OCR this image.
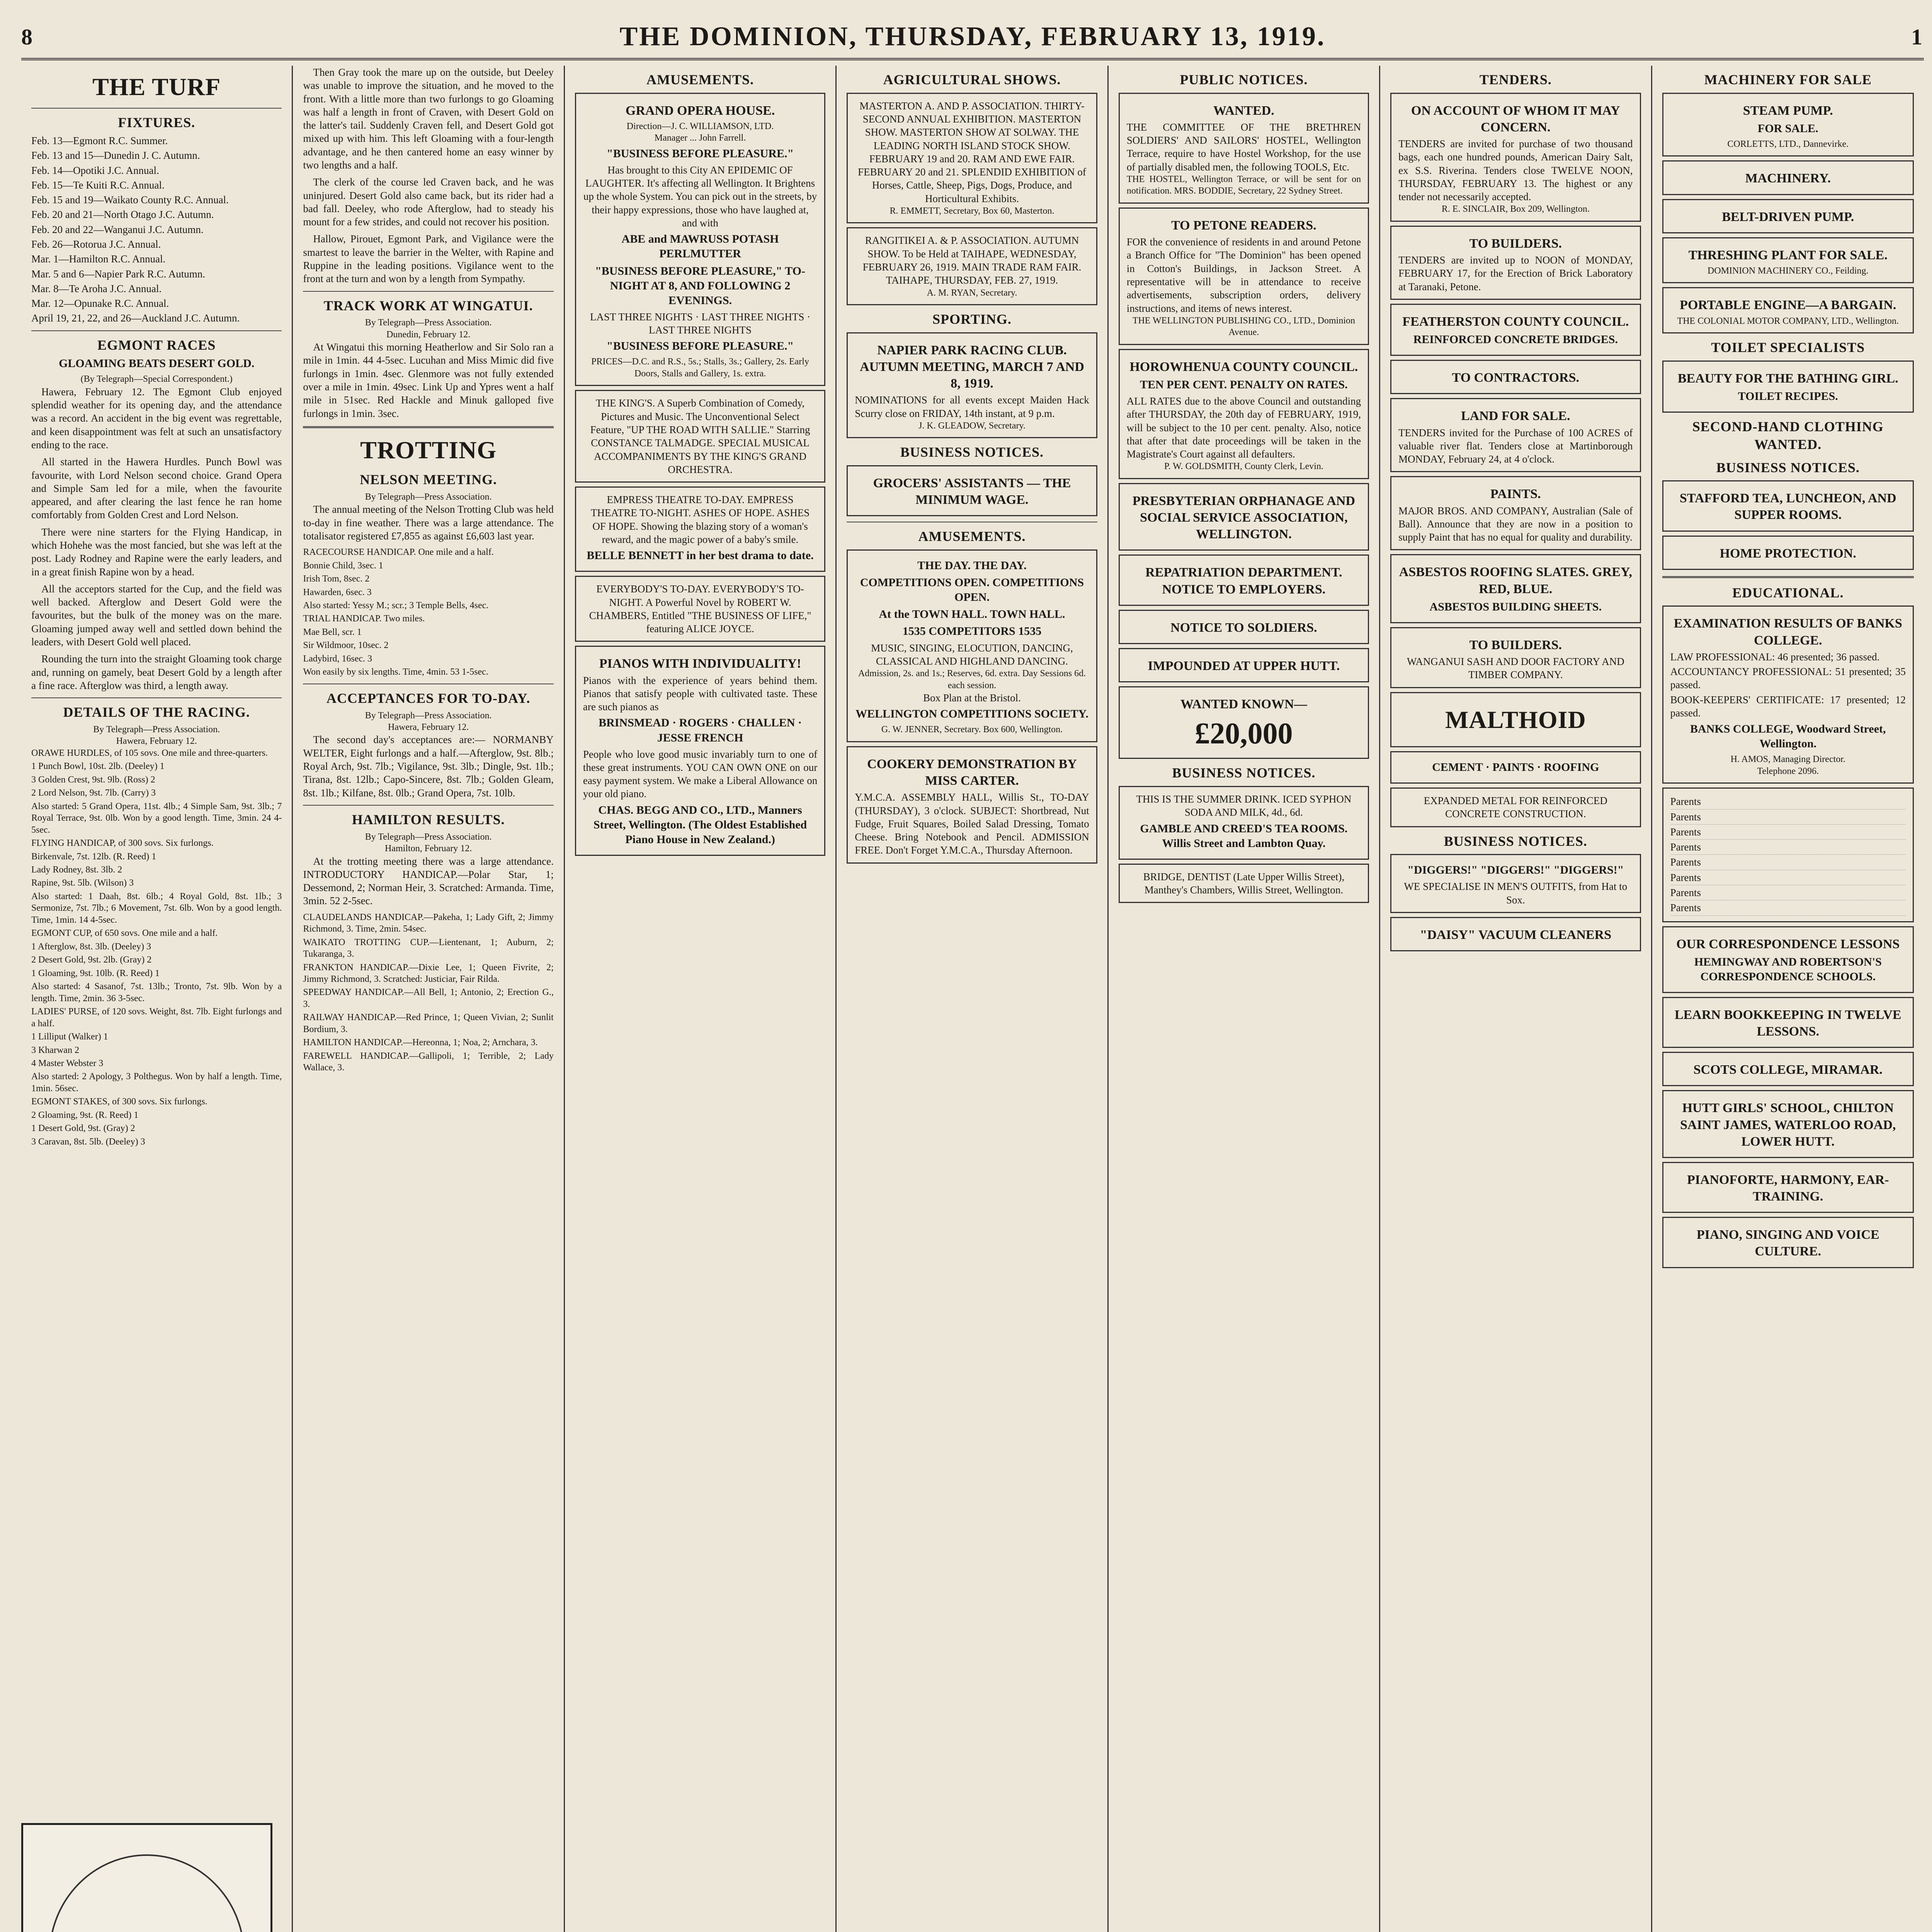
8	THE DOMINION, THURSDAY, FEBRUARY 13, 1919.	1
THE TURF
FIXTURES.
Feb. 13—Egmont R.C. Summer.
Feb. 13 and 15—Dunedin J. C. Autumn.
Feb. 14—Opotiki J.C. Annual.
Feb. 15—Te Kuiti R.C. Annual.
Feb. 15 and 19—Waikato County R.C. Annual.
Feb. 20 and 21—North Otago J.C. Autumn.
Feb. 20 and 22—Wanganui J.C. Autumn.
Feb. 26—Rotorua J.C. Annual.
Mar. 1—Hamilton R.C. Annual.
Mar. 5 and 6—Napier Park R.C. Autumn.
Mar. 8—Te Aroha J.C. Annual.
Mar. 12—Opunake R.C. Annual.
April 19, 21, 22, and 26—Auckland J.C. Autumn.
EGMONT RACES
GLOAMING BEATS DESERT GOLD.
(By Telegraph—Special Correspondent.)

Hawera, February 12. The Egmont Club enjoyed splendid weather for its opening day, and the attendance was a record. An accident in the big event was regrettable, and keen disappointment was felt at such an unsatisfactory ending to the race.

All started in the Hawera Hurdles. Punch Bowl was favourite, with Lord Nelson second choice. Grand Opera and Simple Sam led for a mile, when the favourite appeared, and after clearing the last fence he ran home comfortably from Golden Crest and Lord Nelson.

There were nine starters for the Flying Handicap, in which Hohehe was the most fancied, but she was left at the post. Lady Rodney and Rapine were the early leaders, and in a great finish Rapine won by a head.

All the acceptors started for the Cup, and the field was well backed. Afterglow and Desert Gold were the favourites, but the bulk of the money was on the mare. Gloaming jumped away well and settled down behind the leaders, with Desert Gold well placed.

Rounding the turn into the straight Gloaming took charge and, running on gamely, beat Desert Gold by a length after a fine race. Afterglow was third, a length away.

DETAILS OF THE RACING.
By Telegraph—Press Association.
Hawera, February 12.
ORAWE HURDLES, of 105 sovs. One mile and three-quarters.
1 Punch Bowl, 10st. 2lb. (Deeley) 1
3 Golden Crest, 9st. 9lb. (Ross) 2
2 Lord Nelson, 9st. 7lb. (Carry) 3
Also started: 5 Grand Opera, 11st. 4lb.; 4 Simple Sam, 9st. 3lb.; 7 Royal Terrace, 9st. 0lb. Won by a good length. Time, 3min. 24 4-5sec.
FLYING HANDICAP, of 300 sovs. Six furlongs.
Birkenvale, 7st. 12lb. (R. Reed) 1
Lady Rodney, 8st. 3lb. 2
Rapine, 9st. 5lb. (Wilson) 3
Also started: 1 Daah, 8st. 6lb.; 4 Royal Gold, 8st. 1lb.; 3 Sermonize, 7st. 7lb.; 6 Movement, 7st. 6lb. Won by a good length. Time, 1min. 14 4-5sec.
EGMONT CUP, of 650 sovs. One mile and a half.
1 Afterglow, 8st. 3lb. (Deeley) 3
2 Desert Gold, 9st. 2lb. (Gray) 2
1 Gloaming, 9st. 10lb. (R. Reed) 1
Also started: 4 Sasanof, 7st. 13lb.; Tronto, 7st. 9lb. Won by a length. Time, 2min. 36 3-5sec.
LADIES' PURSE, of 120 sovs. Weight, 8st. 7lb. Eight furlongs and a half.
1 Lilliput (Walker) 1
3 Kharwan 2
4 Master Webster 3
Also started: 2 Apology, 3 Polthegus. Won by half a length. Time, 1min. 56sec.
EGMONT STAKES, of 300 sovs. Six furlongs.
2 Gloaming, 9st. (R. Reed) 1
1 Desert Gold, 9st. (Gray) 2
3 Caravan, 8st. 5lb. (Deeley) 3

Then Gray took the mare up on the outside, but Deeley was unable to improve the situation, and he moved to the front. With a little more than two furlongs to go Gloaming was half a length in front of Craven, with Desert Gold on the latter's tail. Suddenly Craven fell, and Desert Gold got mixed up with him. This left Gloaming with a four-length advantage, and he then cantered home an easy winner by two lengths and a half.

The clerk of the course led Craven back, and he was uninjured. Desert Gold also came back, but its rider had a bad fall. Deeley, who rode Afterglow, had to steady his mount for a few strides, and could not recover his position.

Hallow, Pirouet, Egmont Park, and Vigilance were the smartest to leave the barrier in the Welter, with Rapine and Ruppine in the leading positions. Vigilance went to the front at the turn and won by a length from Sympathy.

TRACK WORK AT WINGATUI.
By Telegraph—Press Association.
Dunedin, February 12.

At Wingatui this morning Heatherlow and Sir Solo ran a mile in 1min. 44 4-5sec. Lucuhan and Miss Mimic did five furlongs in 1min. 4sec. Glenmore was not fully extended over a mile in 1min. 49sec. Link Up and Ypres went a half mile in 51sec. Red Hackle and Minuk galloped five furlongs in 1min. 3sec.

TROTTING
NELSON MEETING.
By Telegraph—Press Association.

The annual meeting of the Nelson Trotting Club was held to-day in fine weather. There was a large attendance. The totalisator registered £7,855 as against £6,603 last year.

RACECOURSE HANDICAP. One mile and a half.
Bonnie Child, 3sec. 1
Irish Tom, 8sec. 2
Hawarden, 6sec. 3
Also started: Yessy M.; scr.; 3 Temple Bells, 4sec.
TRIAL HANDICAP. Two miles.
Mae Bell, scr. 1
Sir Wildmoor, 10sec. 2
Ladybird, 16sec. 3
Won easily by six lengths. Time, 4min. 53 1-5sec.
ACCEPTANCES FOR TO-DAY.
By Telegraph—Press Association.
Hawera, February 12.

The second day's acceptances are:— NORMANBY WELTER, Eight furlongs and a half.—Afterglow, 9st. 8lb.; Royal Arch, 9st. 7lb.; Vigilance, 9st. 3lb.; Dingle, 9st. 1lb.; Tirana, 8st. 12lb.; Capo-Sincere, 8st. 7lb.; Golden Gleam, 8st. 1lb.; Kilfane, 8st. 0lb.; Grand Opera, 7st. 10lb.

HAMILTON RESULTS.
By Telegraph—Press Association.
Hamilton, February 12.

At the trotting meeting there was a large attendance. INTRODUCTORY HANDICAP.—Polar Star, 1; Dessemond, 2; Norman Heir, 3. Scratched: Armanda. Time, 3min. 52 2-5sec.

CLAUDELANDS HANDICAP.—Pakeha, 1; Lady Gift, 2; Jimmy Richmond, 3. Time, 2min. 54sec.
WAIKATO TROTTING CUP.—Lientenant, 1; Auburn, 2; Tukaranga, 3.
FRANKTON HANDICAP.—Dixie Lee, 1; Queen Fivrite, 2; Jimmy Richmond, 3. Scratched: Justiciar, Fair Rilda.
SPEEDWAY HANDICAP.—All Bell, 1; Antonio, 2; Erection G., 3.
RAILWAY HANDICAP.—Red Prince, 1; Queen Vivian, 2; Sunlit Bordium, 3.
HAMILTON HANDICAP.—Hereonna, 1; Noa, 2; Arnchara, 3.
FAREWELL HANDICAP.—Gallipoli, 1; Terrible, 2; Lady Wallace, 3.
AMUSEMENTS.
GRAND OPERA HOUSE.
Direction—J. C. WILLIAMSON, LTD.
Manager ... John Farrell.
"BUSINESS BEFORE PLEASURE."
Has brought to this City AN EPIDEMIC OF LAUGHTER. It's affecting all Wellington. It Brightens up the whole System. You can pick out in the streets, by their happy expressions, those who have laughed at, and with
ABE and MAWRUSS POTASH PERLMUTTER
"BUSINESS BEFORE PLEASURE," TO-NIGHT AT 8, AND FOLLOWING 2 EVENINGS.
LAST THREE NIGHTS · LAST THREE NIGHTS · LAST THREE NIGHTS
"BUSINESS BEFORE PLEASURE."
PRICES—D.C. and R.S., 5s.; Stalls, 3s.; Gallery, 2s. Early Doors, Stalls and Gallery, 1s. extra.
THE KING'S. A Superb Combination of Comedy, Pictures and Music. The Unconventional Select Feature, "UP THE ROAD WITH SALLIE." Starring CONSTANCE TALMADGE. SPECIAL MUSICAL ACCOMPANIMENTS BY THE KING'S GRAND ORCHESTRA.
EMPRESS THEATRE TO-DAY. EMPRESS THEATRE TO-NIGHT. ASHES OF HOPE. ASHES OF HOPE. Showing the blazing story of a woman's reward, and the magic power of a baby's smile.
BELLE BENNETT in her best drama to date.
EVERYBODY'S TO-DAY. EVERYBODY'S TO-NIGHT. A Powerful Novel by ROBERT W. CHAMBERS, Entitled "THE BUSINESS OF LIFE," featuring ALICE JOYCE.
PIANOS WITH INDIVIDUALITY!
Pianos with the experience of years behind them. Pianos that satisfy people with cultivated taste. These are such pianos as
BRINSMEAD · ROGERS · CHALLEN · JESSE FRENCH
People who love good music invariably turn to one of these great instruments. YOU CAN OWN ONE on our easy payment system. We make a Liberal Allowance on your old piano.
CHAS. BEGG AND CO., LTD., Manners Street, Wellington. (The Oldest Established Piano House in New Zealand.)
AGRICULTURAL SHOWS.
MASTERTON A. AND P. ASSOCIATION. THIRTY-SECOND ANNUAL EXHIBITION. MASTERTON SHOW. MASTERTON SHOW AT SOLWAY. THE LEADING NORTH ISLAND STOCK SHOW. FEBRUARY 19 and 20. RAM AND EWE FAIR. FEBRUARY 20 and 21. SPLENDID EXHIBITION of Horses, Cattle, Sheep, Pigs, Dogs, Produce, and Horticultural Exhibits.
R. EMMETT, Secretary, Box 60, Masterton.
RANGITIKEI A. & P. ASSOCIATION. AUTUMN SHOW. To be Held at TAIHAPE, WEDNESDAY, FEBRUARY 26, 1919. MAIN TRADE RAM FAIR. TAIHAPE, THURSDAY, FEB. 27, 1919.
A. M. RYAN, Secretary.
SPORTING.
NAPIER PARK RACING CLUB. AUTUMN MEETING, MARCH 7 AND 8, 1919.
NOMINATIONS for all events except Maiden Hack Scurry close on FRIDAY, 14th instant, at 9 p.m.
J. K. GLEADOW, Secretary.
BUSINESS NOTICES.
GROCERS' ASSISTANTS — THE MINIMUM WAGE.
AMUSEMENTS.
THE DAY. THE DAY.
COMPETITIONS OPEN. COMPETITIONS OPEN.
At the TOWN HALL. TOWN HALL.
1535 COMPETITORS 1535
MUSIC, SINGING, ELOCUTION, DANCING, CLASSICAL AND HIGHLAND DANCING.
Admission, 2s. and 1s.; Reserves, 6d. extra. Day Sessions 6d. each session.
Box Plan at the Bristol.
WELLINGTON COMPETITIONS SOCIETY.
G. W. JENNER, Secretary. Box 600, Wellington.
COOKERY DEMONSTRATION BY MISS CARTER.
Y.M.C.A. ASSEMBLY HALL, Willis St., TO-DAY (THURSDAY), 3 o'clock. SUBJECT: Shortbread, Nut Fudge, Fruit Squares, Boiled Salad Dressing, Tomato Cheese. Bring Notebook and Pencil. ADMISSION FREE. Don't Forget Y.M.C.A., Thursday Afternoon.
PUBLIC NOTICES.
WANTED.
THE COMMITTEE OF THE BRETHREN SOLDIERS' AND SAILORS' HOSTEL, Wellington Terrace, require to have Hostel Workshop, for the use of partially disabled men, the following TOOLS, Etc.
THE HOSTEL, Wellington Terrace, or will be sent for on notification. MRS. BODDIE, Secretary, 22 Sydney Street.
TO PETONE READERS.
FOR the convenience of residents in and around Petone a Branch Office for "The Dominion" has been opened in Cotton's Buildings, in Jackson Street. A representative will be in attendance to receive advertisements, subscription orders, delivery instructions, and items of news interest.
THE WELLINGTON PUBLISHING CO., LTD., Dominion Avenue.
HOROWHENUA COUNTY COUNCIL.
TEN PER CENT. PENALTY ON RATES.
ALL RATES due to the above Council and outstanding after THURSDAY, the 20th day of FEBRUARY, 1919, will be subject to the 10 per cent. penalty. Also, notice that after that date proceedings will be taken in the Magistrate's Court against all defaulters.
P. W. GOLDSMITH, County Clerk, Levin.
PRESBYTERIAN ORPHANAGE AND SOCIAL SERVICE ASSOCIATION, WELLINGTON.
REPATRIATION DEPARTMENT. NOTICE TO EMPLOYERS.
NOTICE TO SOLDIERS.
IMPOUNDED AT UPPER HUTT.
WANTED KNOWN—
£20,000
BUSINESS NOTICES.
THIS IS THE SUMMER DRINK. ICED SYPHON SODA AND MILK, 4d., 6d.
GAMBLE AND CREED'S TEA ROOMS. Willis Street and Lambton Quay.
BRIDGE, DENTIST (Late Upper Willis Street), Manthey's Chambers, Willis Street, Wellington.
TENDERS.
ON ACCOUNT OF WHOM IT MAY CONCERN.
TENDERS are invited for purchase of two thousand bags, each one hundred pounds, American Dairy Salt, ex S.S. Riverina. Tenders close TWELVE NOON, THURSDAY, FEBRUARY 13. The highest or any tender not necessarily accepted.
R. E. SINCLAIR, Box 209, Wellington.
TO BUILDERS.
TENDERS are invited up to NOON of MONDAY, FEBRUARY 17, for the Erection of Brick Laboratory at Taranaki, Petone.
FEATHERSTON COUNTY COUNCIL.
REINFORCED CONCRETE BRIDGES.
TO CONTRACTORS.
LAND FOR SALE.
TENDERS invited for the Purchase of 100 ACRES of valuable river flat. Tenders close at Martinborough MONDAY, February 24, at 4 o'clock.
PAINTS.
MAJOR BROS. AND COMPANY, Australian (Sale of Ball). Announce that they are now in a position to supply Paint that has no equal for quality and durability.
ASBESTOS ROOFING SLATES. GREY, RED, BLUE.
ASBESTOS BUILDING SHEETS.
TO BUILDERS.
WANGANUI SASH AND DOOR FACTORY AND TIMBER COMPANY.
MALTHOID
CEMENT · PAINTS · ROOFING
EXPANDED METAL FOR REINFORCED CONCRETE CONSTRUCTION.
BUSINESS NOTICES.
"DIGGERS!" "DIGGERS!" "DIGGERS!"
WE SPECIALISE IN MEN'S OUTFITS, from Hat to Sox.
"DAISY" VACUUM CLEANERS
MACHINERY FOR SALE
STEAM PUMP.
FOR SALE.
CORLETTS, LTD., Dannevirke.
MACHINERY.
BELT-DRIVEN PUMP.
THRESHING PLANT FOR SALE.
DOMINION MACHINERY CO., Feilding.
PORTABLE ENGINE—A BARGAIN.
THE COLONIAL MOTOR COMPANY, LTD., Wellington.
TOILET SPECIALISTS
BEAUTY FOR THE BATHING GIRL.
TOILET RECIPES.
SECOND-HAND CLOTHING WANTED.
BUSINESS NOTICES.
STAFFORD TEA, LUNCHEON, AND SUPPER ROOMS.
HOME PROTECTION.
EDUCATIONAL.
EXAMINATION RESULTS OF BANKS COLLEGE.
LAW PROFESSIONAL: 46 presented; 36 passed.
ACCOUNTANCY PROFESSIONAL: 51 presented; 35 passed.
BOOK-KEEPERS' CERTIFICATE: 17 presented; 12 passed.
BANKS COLLEGE, Woodward Street, Wellington.
H. AMOS, Managing Director.
Telephone 2096.
Parents
Parents
Parents
Parents
Parents
Parents
Parents
Parents
OUR CORRESPONDENCE LESSONS
HEMINGWAY AND ROBERTSON'S CORRESPONDENCE SCHOOLS.
LEARN BOOKKEEPING IN TWELVE LESSONS.
SCOTS COLLEGE, MIRAMAR.
HUTT GIRLS' SCHOOL, CHILTON SAINT JAMES, WATERLOO ROAD, LOWER HUTT.
PIANOFORTE, HARMONY, EAR-TRAINING.
PIANO, SINGING AND VOICE CULTURE.
